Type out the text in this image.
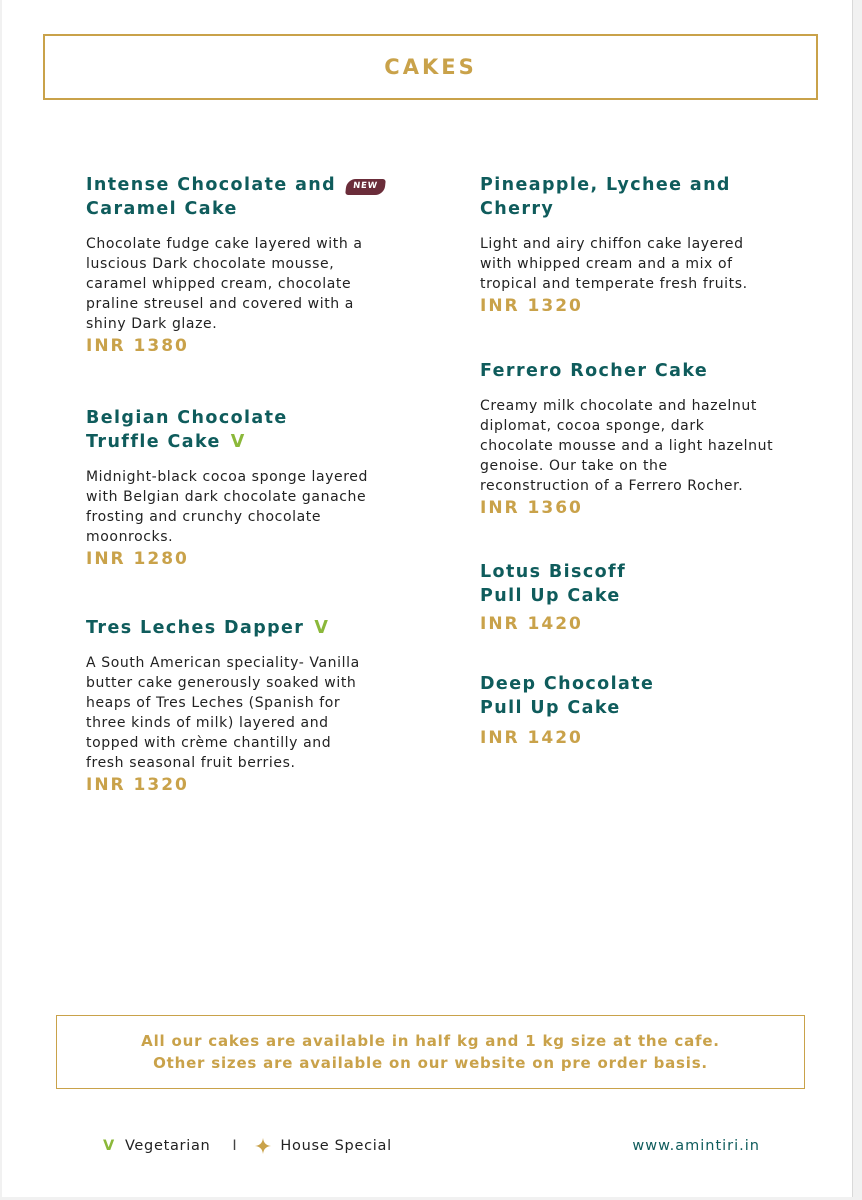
CAKES
Intense Chocolate and NEW
Caramel Cake
Chocolate fudge cake layered with a
luscious Dark chocolate mousse,
caramel whipped cream, chocolate
praline streusel and covered with a
shiny Dark glaze.
INR 1380
Belgian Chocolate
Truffle Cake V
Midnight-black cocoa sponge layered
with Belgian dark chocolate ganache
frosting and crunchy chocolate
moonrocks.
INR 1280
Tres Leches Dapper V
A South American speciality- Vanilla
butter cake generously soaked with
heaps of Tres Leches (Spanish for
three kinds of milk) layered and
topped with crème chantilly and
fresh seasonal fruit berries.
INR 1320
Pineapple, Lychee and
Cherry
Light and airy chiffon cake layered
with whipped cream and a mix of
tropical and temperate fresh fruits.
INR 1320
Ferrero Rocher Cake
Creamy milk chocolate and hazelnut
diplomat, cocoa sponge, dark
chocolate mousse and a light hazelnut
genoise. Our take on the
reconstruction of a Ferrero Rocher.
INR 1360
Lotus Biscoff
Pull Up Cake
INR 1420
Deep Chocolate
Pull Up Cake
INR 1420
All our cakes are available in half kg and 1 kg size at the cafe.
Other sizes are available on our website on pre order basis.
V Vegetarian I	House Special	www.amintiri.in
